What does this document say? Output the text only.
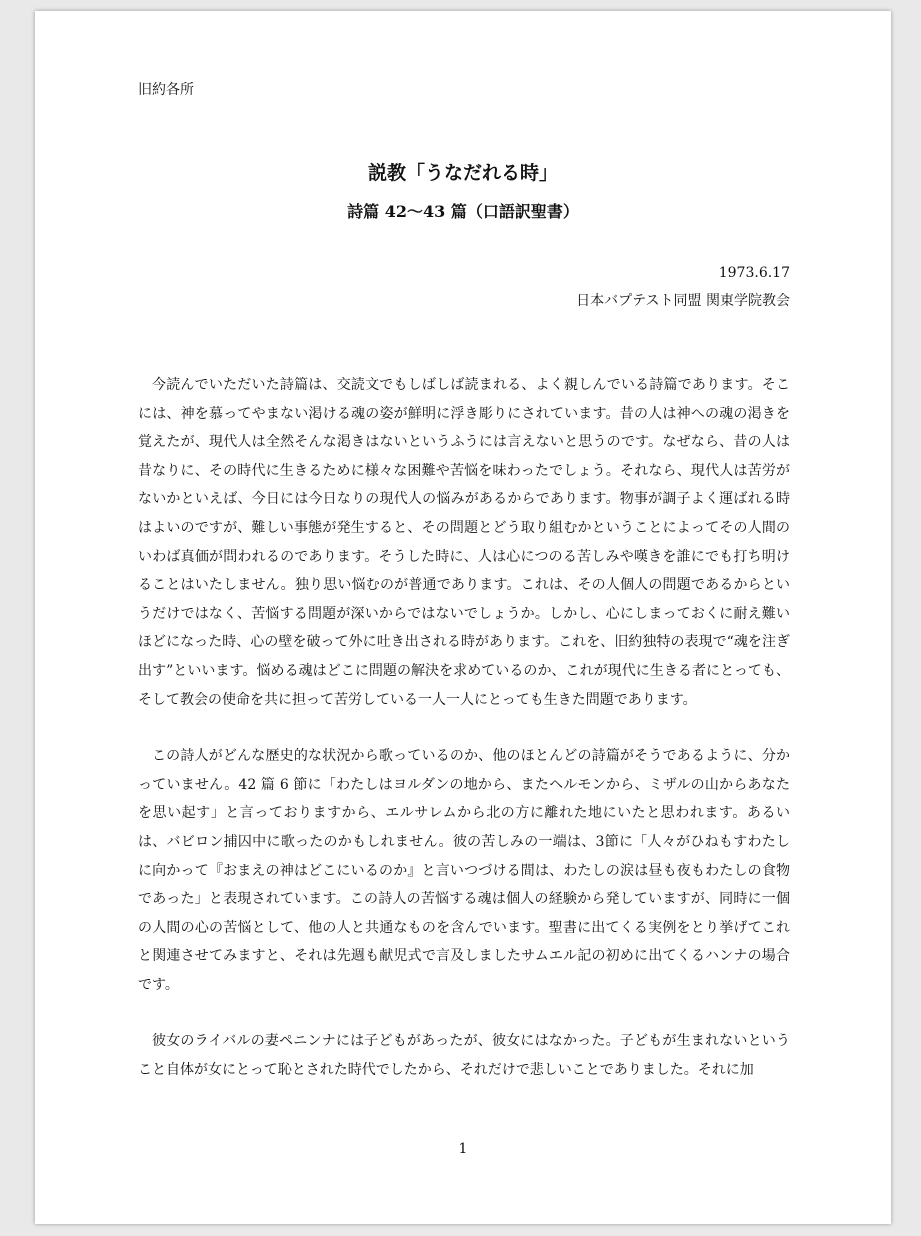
旧約各所
説教「うなだれる時」
詩篇 42〜43 篇（口語訳聖書）
1973.6.17
日本バプテスト同盟 関東学院教会

今読んでいただいた詩篇は、交読文でもしばしば読まれる、よく親しんでいる詩篇であります。そこには、神を慕ってやまない渇ける魂の姿が鮮明に浮き彫りにされています。昔の人は神への魂の渇きを覚えたが、現代人は全然そんな渇きはないというふうには言えないと思うのです。なぜなら、昔の人は昔なりに、その時代に生きるために様々な困難や苦悩を味わったでしょう。それなら、現代人は苦労がないかといえば、今日には今日なりの現代人の悩みがあるからであります。物事が調子よく運ばれる時はよいのですが、難しい事態が発生すると、その問題とどう取り組むかということによってその人間のいわば真価が問われるのであります。そうした時に、人は心につのる苦しみや嘆きを誰にでも打ち明けることはいたしません。独り思い悩むのが普通であります。これは、その人個人の問題であるからというだけではなく、苦悩する問題が深いからではないでしょうか。しかし、心にしまっておくに耐え難いほどになった時、心の壁を破って外に吐き出される時があります。これを、旧約独特の表現で“魂を注ぎ出す”といいます。悩める魂はどこに問題の解決を求めているのか、これが現代に生きる者にとっても、そして教会の使命を共に担って苦労している一人一人にとっても生きた問題であります。

この詩人がどんな歴史的な状況から歌っているのか、他のほとんどの詩篇がそうであるように、分かっていません。42 篇 6 節に「わたしはヨルダンの地から、またヘルモンから、ミザルの山からあなたを思い起す」と言っておりますから、エルサレムから北の方に離れた地にいたと思われます。あるいは、バビロン捕囚中に歌ったのかもしれません。彼の苦しみの一端は、3節に「人々がひねもすわたしに向かって『おまえの神はどこにいるのか』と言いつづける間は、わたしの涙は昼も夜もわたしの食物であった」と表現されています。この詩人の苦悩する魂は個人の経験から発していますが、同時に一個の人間の心の苦悩として、他の人と共通なものを含んでいます。聖書に出てくる実例をとり挙げてこれと関連させてみますと、それは先週も献児式で言及しましたサムエル記の初めに出てくるハンナの場合です。

彼女のライバルの妻ペニンナには子どもがあったが、彼女にはなかった。子どもが生まれないということ自体が女にとって恥とされた時代でしたから、それだけで悲しいことでありました。それに加

1
